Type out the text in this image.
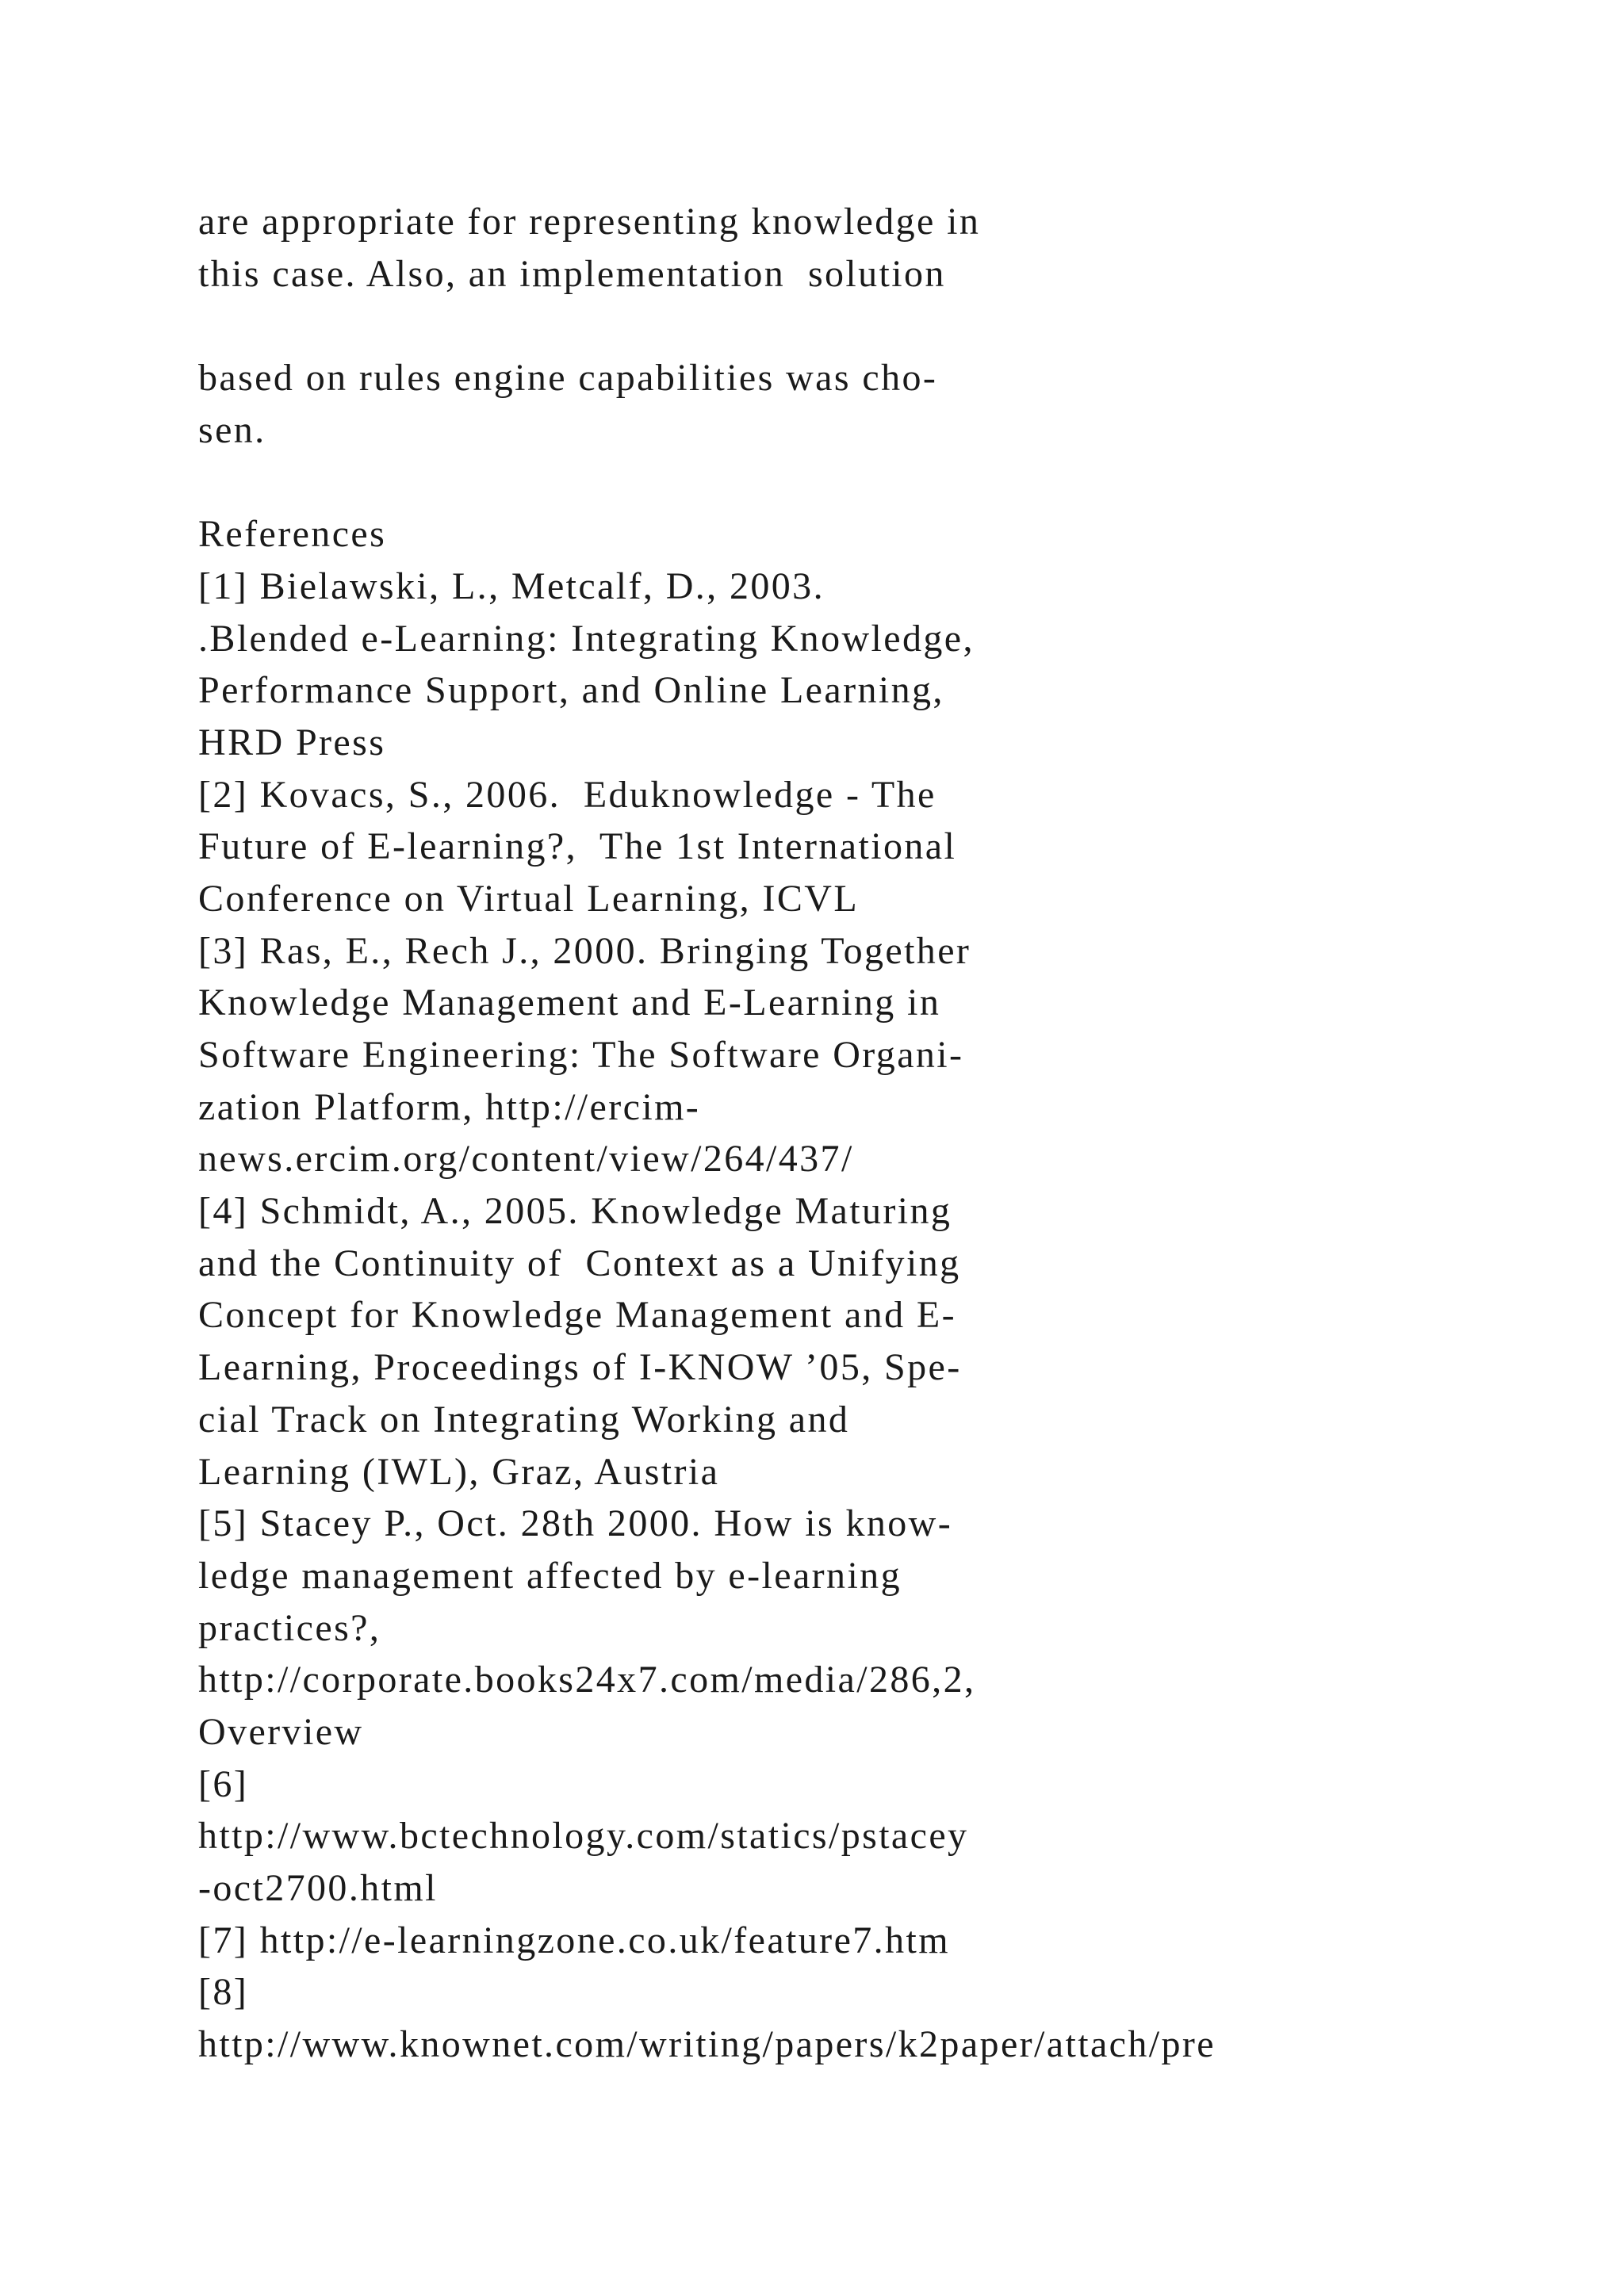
are appropriate for representing knowledge in
this case. Also, an implementation  solution
based on rules engine capabilities was cho-
sen.
References
[1] Bielawski, L., Metcalf, D., 2003.
.Blended e-Learning: Integrating Knowledge,
Performance Support, and Online Learning,
HRD Press
[2] Kovacs, S., 2006.  Eduknowledge - The
Future of E-learning?,  The 1st International
Conference on Virtual Learning, ICVL
[3] Ras, E., Rech J., 2000. Bringing Together
Knowledge Management and E-Learning in
Software Engineering: The Software Organi-
zation Platform, http://ercim-
news.ercim.org/content/view/264/437/
[4] Schmidt, A., 2005. Knowledge Maturing
and the Continuity of  Context as a Unifying
Concept for Knowledge Management and E-
Learning, Proceedings of I-KNOW ’05, Spe-
cial Track on Integrating Working and
Learning (IWL), Graz, Austria
[5] Stacey P., Oct. 28th 2000. How is know-
ledge management affected by e-learning
practices?,
http://corporate.books24x7.com/media/286,2,
Overview
[6]
http://www.bctechnology.com/statics/pstacey
-oct2700.html
[7] http://e-learningzone.co.uk/feature7.htm
[8]
http://www.knownet.com/writing/papers/k2paper/attach/pre
